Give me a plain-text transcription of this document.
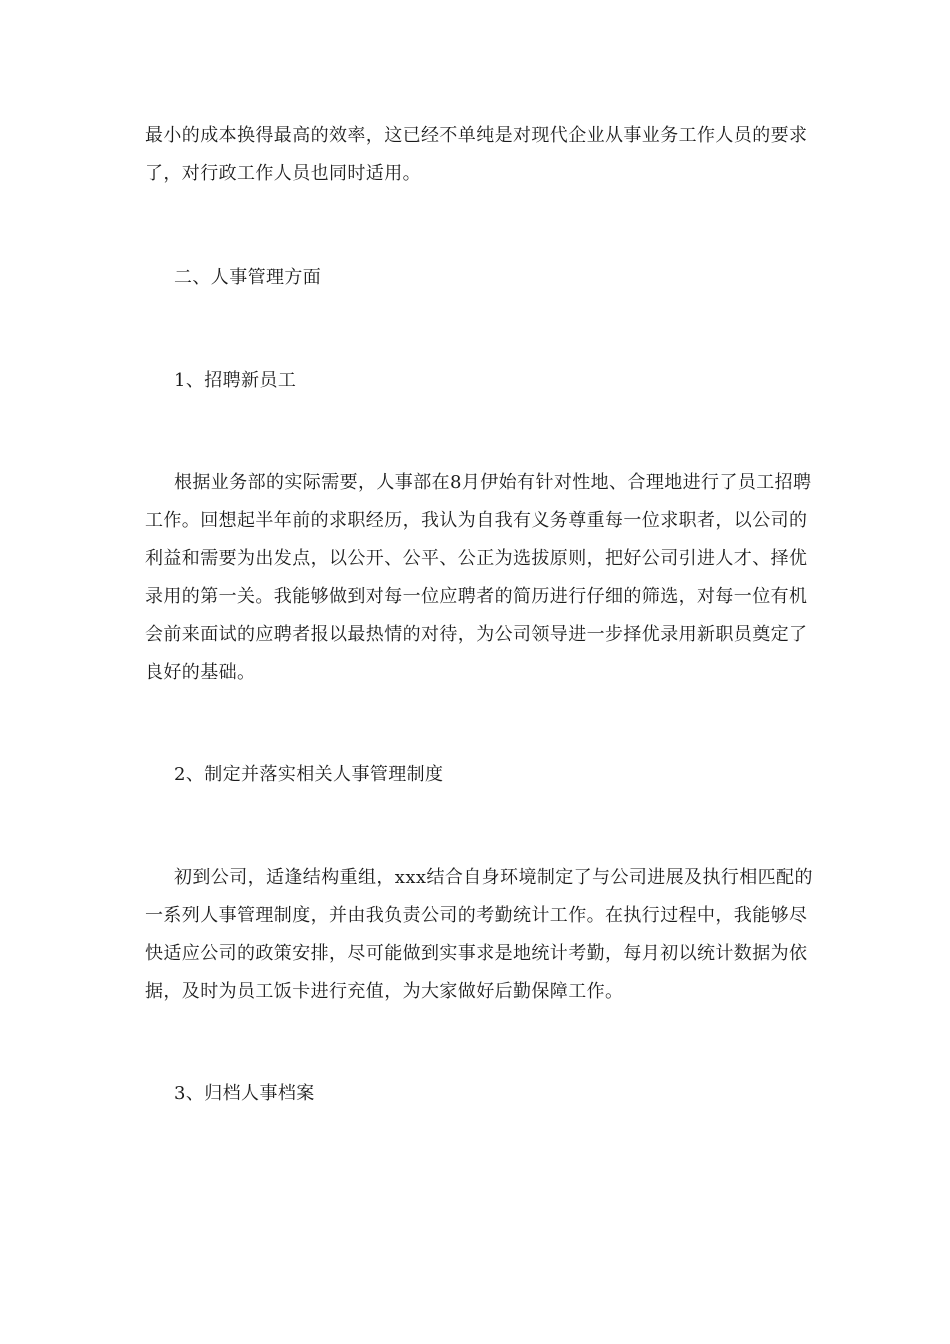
最小的成本换得最高的效率，这已经不单纯是对现代企业从事业务工作人员的要求了，对行政工作人员也同时适用。

二、人事管理方面

1、招聘新员工

根据业务部的实际需要，人事部在8月伊始有针对性地、合理地进行了员工招聘工作。回想起半年前的求职经历，我认为自我有义务尊重每一位求职者，以公司的利益和需要为出发点，以公开、公平、公正为选拔原则，把好公司引进人才、择优录用的第一关。我能够做到对每一位应聘者的简历进行仔细的筛选，对每一位有机会前来面试的应聘者报以最热情的对待，为公司领导进一步择优录用新职员奠定了良好的基础。

2、制定并落实相关人事管理制度

初到公司，适逢结构重组，xxx结合自身环境制定了与公司进展及执行相匹配的一系列人事管理制度，并由我负责公司的考勤统计工作。在执行过程中，我能够尽快适应公司的政策安排，尽可能做到实事求是地统计考勤，每月初以统计数据为依据，及时为员工饭卡进行充值，为大家做好后勤保障工作。

3、归档人事档案
